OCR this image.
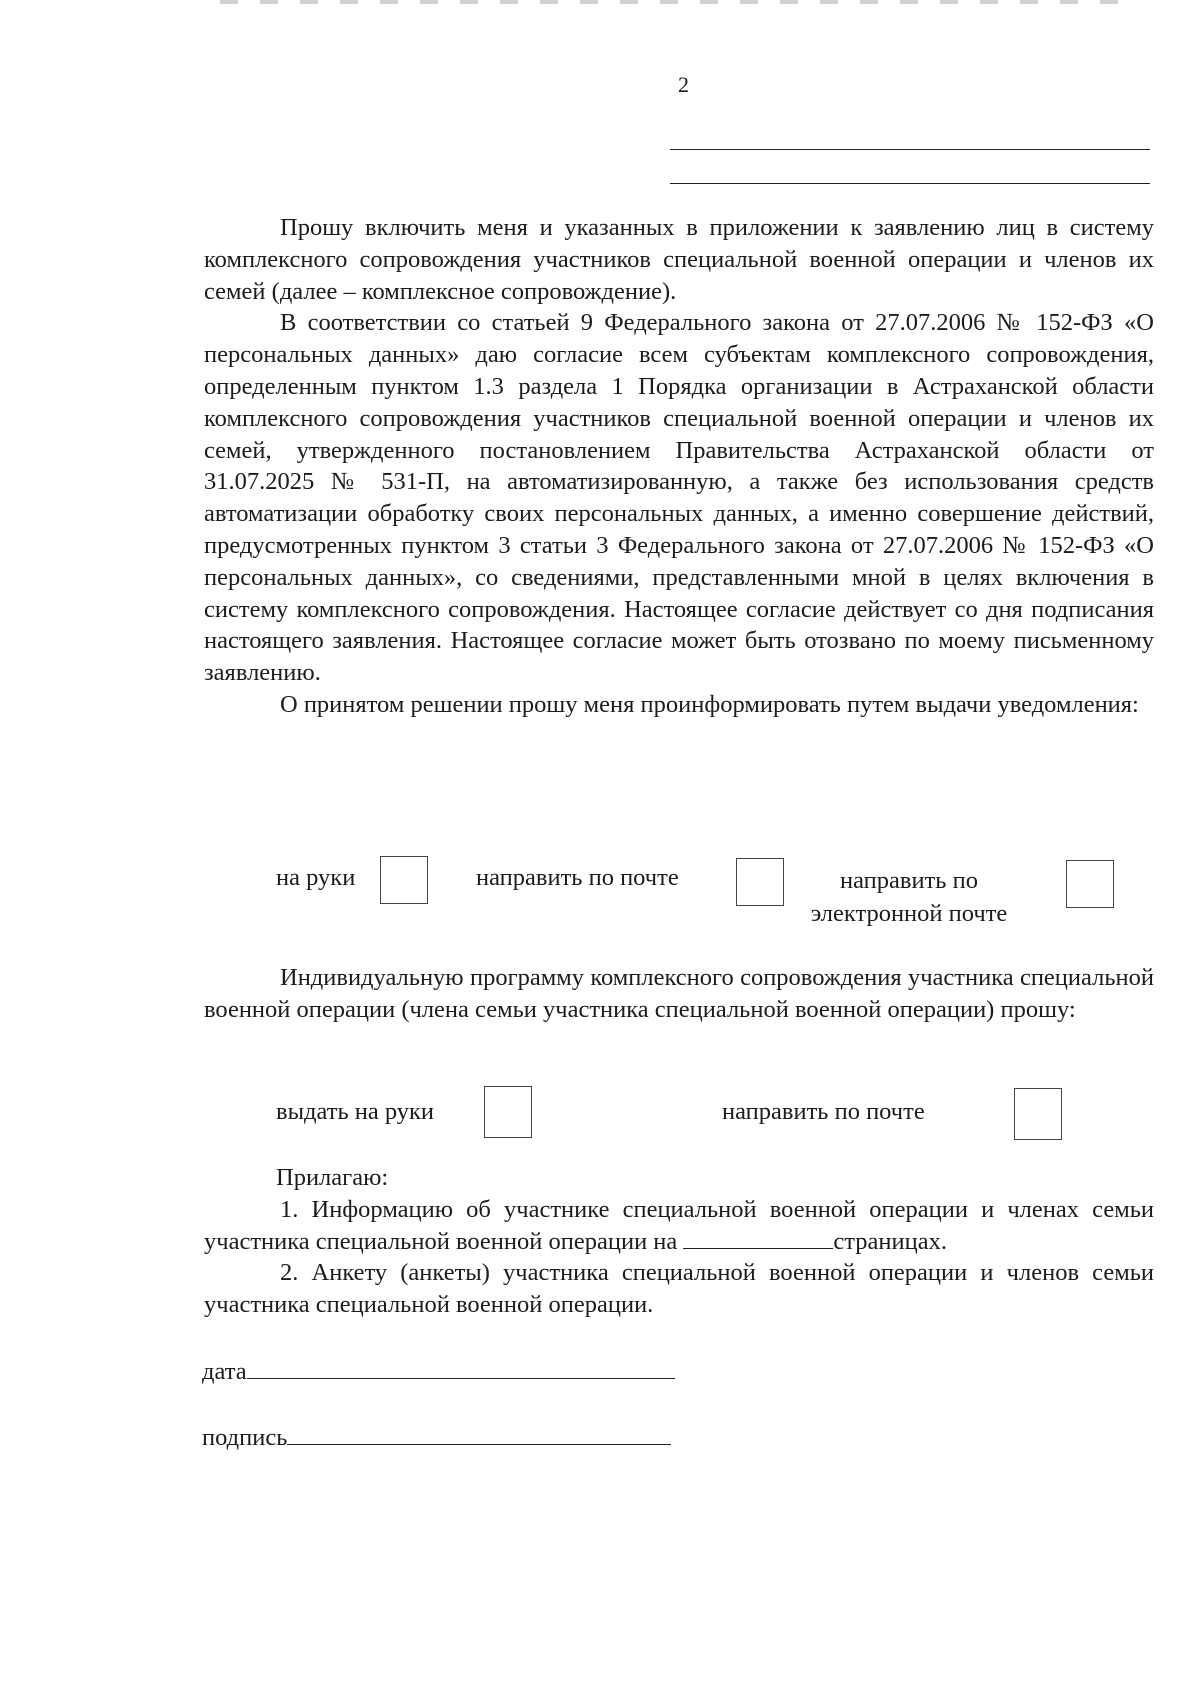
2

Прошу включить меня и указанных в приложении к заявлению лиц в систему комплексного сопровождения участников специальной военной операции и членов их семей (далее – комплексное сопровождение).

В соответствии со статьей 9 Федерального закона от 27.07.2006 № 152-ФЗ «О персональных данных» даю согласие всем субъектам комплексного сопровождения, определенным пунктом 1.3 раздела 1 Порядка организации в Астраханской области комплексного сопровождения участников специальной военной операции и членов их семей, утвержденного постановлением Правительства Астраханской области от 31.07.2025 № 531-П, на автоматизированную, а также без использования средств автоматизации обработку своих персональных данных, а именно совершение действий, предусмотренных пунктом 3 статьи 3 Федерального закона от 27.07.2006 № 152-ФЗ «О персональных данных», со сведениями, представленными мной в целях включения в систему комплексного сопровождения. Настоящее согласие действует со дня подписания настоящего заявления. Настоящее согласие может быть отозвано по моему письменному заявлению.

О принятом решении прошу меня проинформировать путем выдачи уведомления:

на руки	направить по почте	направить по
электронной почте

Индивидуальную программу комплексного сопровождения участника специальной военной операции (члена семьи участника специальной военной операции) прошу:

выдать на руки	направить по почте

Прилагаю:

1. Информацию об участнике специальной военной операции и членах семьи участника специальной военной операции на	страницах.

2. Анкету (анкеты) участника специальной военной операции и членов семьи участника специальной военной операции.

дата
подпись
